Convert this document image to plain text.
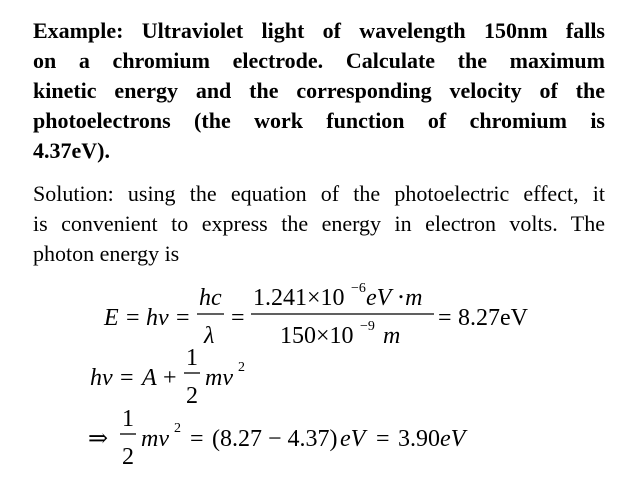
Example: Ultraviolet light of wavelength 150nm falls
on a chromium electrode. Calculate the maximum
kinetic energy and the corresponding velocity of the
photoelectrons (the work function of chromium is
4.37eV).
Solution: using the equation of the photoelectric effect, it
is convenient to express the energy in electron volts. The
photon energy is
E = h ν =
hc
λ
=
1.241×10 −6 eV ⋅m
150×10 −9 m
= 8.27eV
h ν = A +
1
2
mv 2
⇒
1
2
mv 2 = (8.27 − 4.37) eV = 3.90 eV
